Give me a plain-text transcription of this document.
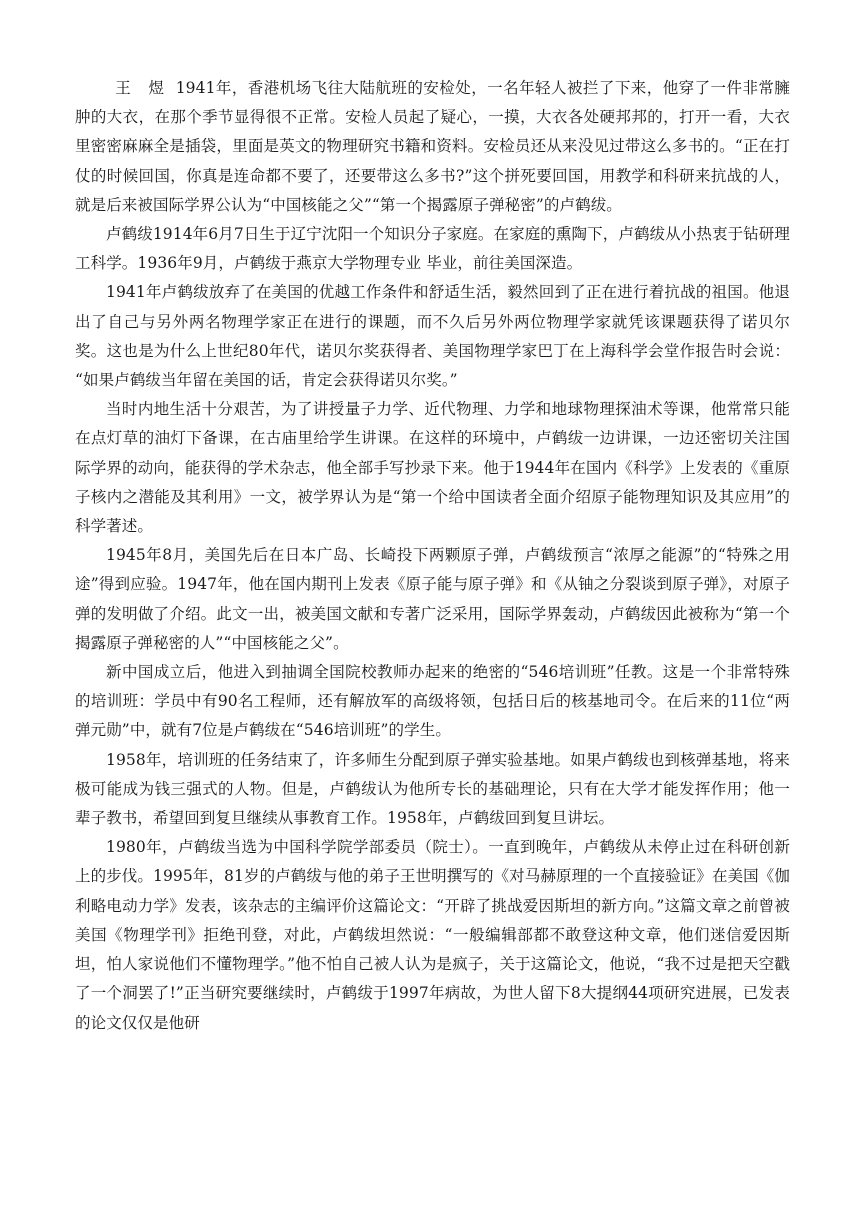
王 煜 1941年，香港机场飞往大陆航班的安检处，一名年轻人被拦了下来，他穿了一件非常臃肿的大衣，在那个季节显得很不正常。安检人员起了疑心，一摸，大衣各处硬邦邦的，打开一看，大衣里密密麻麻全是插袋，里面是英文的物理研究书籍和资料。安检员还从来没见过带这么多书的。“正在打仗的时候回国，你真是连命都不要了，还要带这么多书?”这个拼死要回国，用教学和科研来抗战的人，就是后来被国际学界公认为“中国核能之父”“第一个揭露原子弹秘密”的卢鹤绂。

卢鹤绂1914年6月7日生于辽宁沈阳一个知识分子家庭。在家庭的熏陶下，卢鹤绂从小热衷于钻研理工科学。1936年9月，卢鹤绂于燕京大学物理专业 毕业，前往美国深造。

1941年卢鹤绂放弃了在美国的优越工作条件和舒适生活，毅然回到了正在进行着抗战的祖国。他退出了自己与另外两名物理学家正在进行的课题，而不久后另外两位物理学家就凭该课题获得了诺贝尔奖。这也是为什么上世纪80年代，诺贝尔奖获得者、美国物理学家巴丁在上海科学会堂作报告时会说： “如果卢鹤绂当年留在美国的话，肯定会获得诺贝尔奖。”

当时内地生活十分艰苦，为了讲授量子力学、近代物理、力学和地球物理探油术等课，他常常只能在点灯草的油灯下备课，在古庙里给学生讲课。在这样的环境中，卢鹤绂一边讲课，一边还密切关注国际学界的动向，能获得的学术杂志，他全部手写抄录下来。他于1944年在国内《科学》上发表的《重原子核内之潜能及其利用》一文，被学界认为是“第一个给中国读者全面介绍原子能物理知识及其应用”的科学著述。

1945年8月，美国先后在日本广岛、长崎投下两颗原子弹，卢鹤绂预言“浓厚之能源”的“特殊之用途”得到应验。1947年，他在国内期刊上发表《原子能与原子弹》和《从铀之分裂谈到原子弹》，对原子弹的发明做了介绍。此文一出，被美国文献和专著广泛采用，国际学界轰动，卢鹤绂因此被称为“第一个揭露原子弹秘密的人”“中国核能之父”。

新中国成立后，他进入到抽调全国院校教师办起来的绝密的“546培训班”任教。这是一个非常特殊的培训班：学员中有90名工程师，还有解放军的高级将领，包括日后的核基地司令。在后来的11位“两弹元勋”中，就有7位是卢鹤绂在“546培训班”的学生。

1958年，培训班的任务结束了，许多师生分配到原子弹实验基地。如果卢鹤绂也到核弹基地，将来极可能成为钱三强式的人物。但是，卢鹤绂认为他所专长的基础理论，只有在大学才能发挥作用；他一辈子教书，希望回到复旦继续从事教育工作。1958年，卢鹤绂回到复旦讲坛。

1980年，卢鹤绂当选为中国科学院学部委员（院士）。一直到晚年，卢鹤绂从未停止过在科研创新上的步伐。1995年，81岁的卢鹤绂与他的弟子王世明撰写的《对马赫原理的一个直接验证》在美国《伽利略电动力学》发表，该杂志的主编评价这篇论文：“开辟了挑战爱因斯坦的新方向。”这篇文章之前曾被美国《物理学刊》拒绝刊登，对此，卢鹤绂坦然说：“一般编辑部都不敢登这种文章，他们迷信爱因斯坦，怕人家说他们不懂物理学。”他不怕自己被人认为是疯子，关于这篇论文，他说，“我不过是把天空戳了一个洞罢了!”正当研究要继续时，卢鹤绂于1997年病故，为世人留下8大提纲44项研究进展，已发表的论文仅仅是他研
